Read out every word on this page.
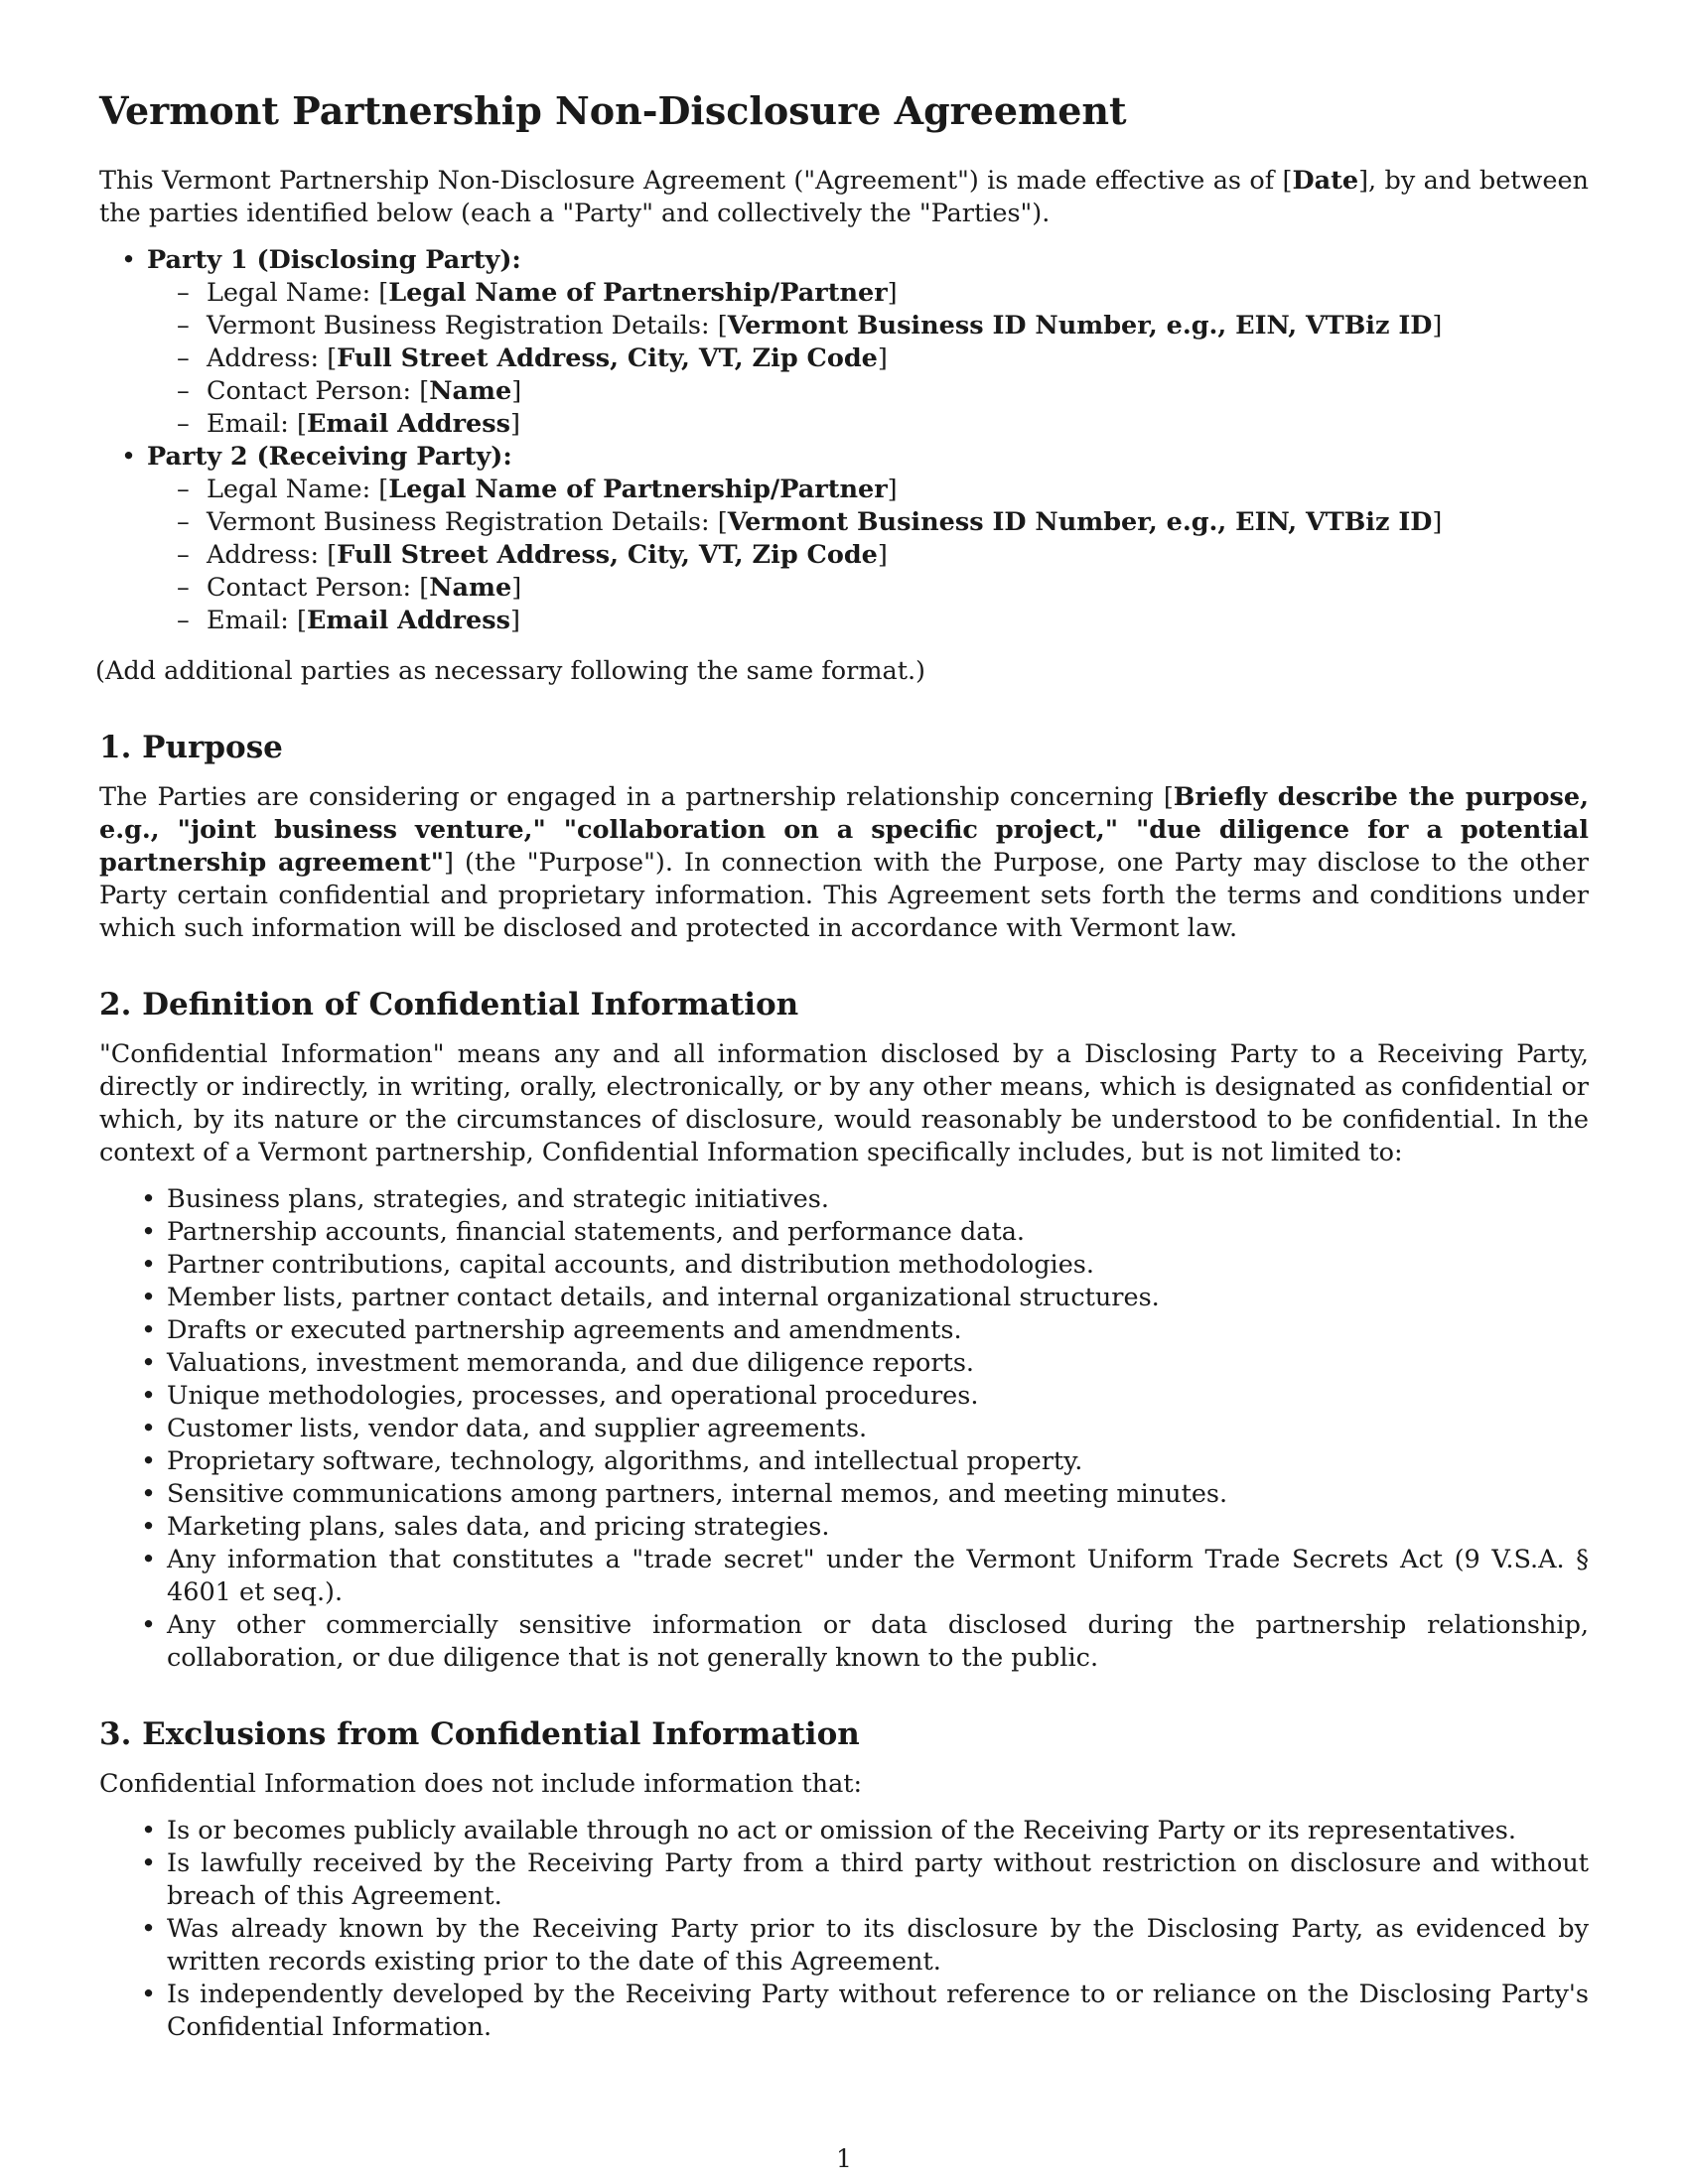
Vermont Partnership Non-Disclosure Agreement

This Vermont Partnership Non-Disclosure Agreement ("Agreement") is made effective as of [Date], by and between the parties identified below (each a "Party" and collectively the "Parties").

• Party 1 (Disclosing Party):
– Legal Name: [Legal Name of Partnership/Partner]
– Vermont Business Registration Details: [Vermont Business ID Number, e.g., EIN, VTBiz ID]
– Address: [Full Street Address, City, VT, Zip Code]
– Contact Person: [Name]
– Email: [Email Address]
• Party 2 (Receiving Party):
– Legal Name: [Legal Name of Partnership/Partner]
– Vermont Business Registration Details: [Vermont Business ID Number, e.g., EIN, VTBiz ID]
– Address: [Full Street Address, City, VT, Zip Code]
– Contact Person: [Name]
– Email: [Email Address]

(Add additional parties as necessary following the same format.)

1. Purpose

The Parties are considering or engaged in a partnership relationship concerning [Briefly describe the purpose, e.g., "joint business venture," "collaboration on a specific project," "due diligence for a potential partnership agreement"] (the "Purpose"). In connection with the Purpose, one Party may disclose to the other Party certain confidential and proprietary information. This Agreement sets forth the terms and conditions under which such information will be disclosed and protected in accordance with Vermont law.

2. Definition of Confidential Information

"Confidential Information" means any and all information disclosed by a Disclosing Party to a Receiving Party, directly or indirectly, in writing, orally, electronically, or by any other means, which is designated as confidential or which, by its nature or the circumstances of disclosure, would reasonably be understood to be confidential. In the context of a Vermont partnership, Confidential Information specifically includes, but is not limited to:

• Business plans, strategies, and strategic initiatives.
• Partnership accounts, financial statements, and performance data.
• Partner contributions, capital accounts, and distribution methodologies.
• Member lists, partner contact details, and internal organizational structures.
• Drafts or executed partnership agreements and amendments.
• Valuations, investment memoranda, and due diligence reports.
• Unique methodologies, processes, and operational procedures.
• Customer lists, vendor data, and supplier agreements.
• Proprietary software, technology, algorithms, and intellectual property.
• Sensitive communications among partners, internal memos, and meeting minutes.
• Marketing plans, sales data, and pricing strategies.
• Any information that constitutes a "trade secret" under the Vermont Uniform Trade Secrets Act (9 V.S.A. § 4601 et seq.).
• Any other commercially sensitive information or data disclosed during the partnership relationship, collaboration, or due diligence that is not generally known to the public.
3. Exclusions from Confidential Information

Confidential Information does not include information that:

• Is or becomes publicly available through no act or omission of the Receiving Party or its representatives.
• Is lawfully received by the Receiving Party from a third party without restriction on disclosure and without breach of this Agreement.
• Was already known by the Receiving Party prior to its disclosure by the Disclosing Party, as evidenced by written records existing prior to the date of this Agreement.
• Is independently developed by the Receiving Party without reference to or reliance on the Disclosing Party's Confidential Information.
1
